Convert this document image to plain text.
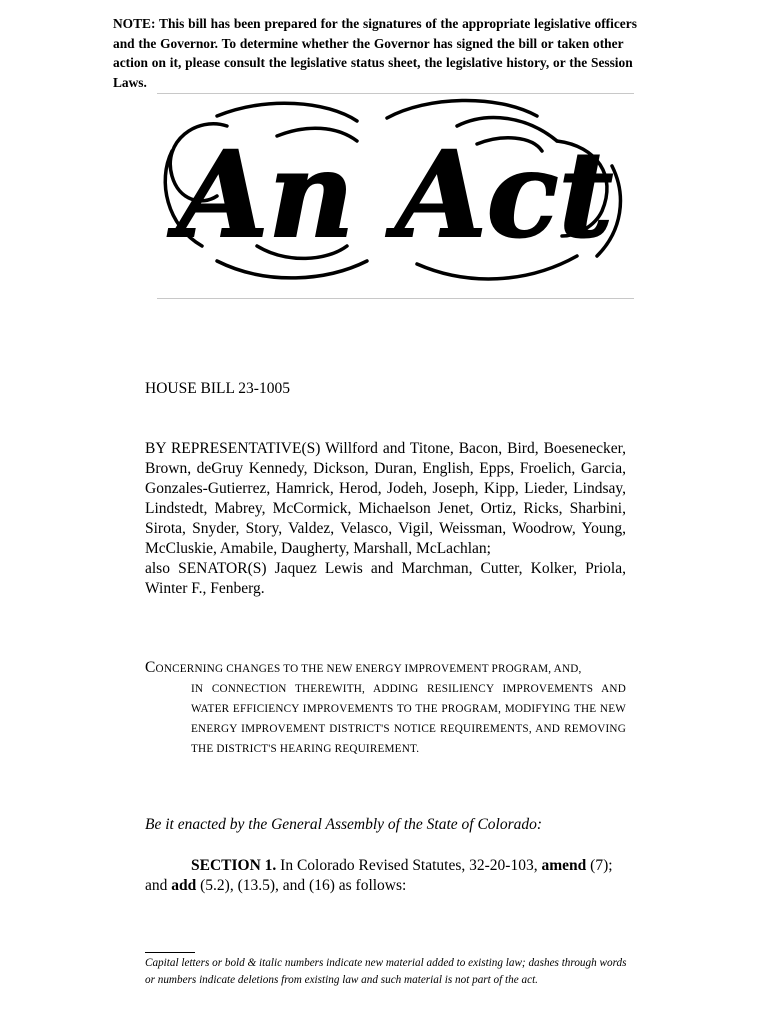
NOTE: This bill has been prepared for the signatures of the appropriate legislative officers and the Governor. To determine whether the Governor has signed the bill or taken other action on it, please consult the legislative status sheet, the legislative history, or the Session Laws.
An Act
HOUSE BILL 23-1005

BY REPRESENTATIVE(S) Willford and Titone, Bacon, Bird, Boesenecker, Brown, deGruy Kennedy, Dickson, Duran, English, Epps, Froelich, Garcia, Gonzales-Gutierrez, Hamrick, Herod, Jodeh, Joseph, Kipp, Lieder, Lindsay, Lindstedt, Mabrey, McCormick, Michaelson Jenet, Ortiz, Ricks, Sharbini, Sirota, Snyder, Story, Valdez, Velasco, Vigil, Weissman, Woodrow, Young, McCluskie, Amabile, Daugherty, Marshall, McLachlan;

also SENATOR(S) Jaquez Lewis and Marchman, Cutter, Kolker, Priola, Winter F., Fenberg.

CONCERNING CHANGES TO THE NEW ENERGY IMPROVEMENT PROGRAM, AND,
IN CONNECTION THEREWITH, ADDING RESILIENCY IMPROVEMENTS AND WATER EFFICIENCY IMPROVEMENTS TO THE PROGRAM, MODIFYING THE NEW ENERGY IMPROVEMENT DISTRICT'S NOTICE REQUIREMENTS, AND REMOVING THE DISTRICT'S HEARING REQUIREMENT.
Be it enacted by the General Assembly of the State of Colorado:
SECTION 1. In Colorado Revised Statutes, 32-20-103, amend (7); and add (5.2), (13.5), and (16) as follows:
Capital letters or bold & italic numbers indicate new material added to existing law; dashes through words or numbers indicate deletions from existing law and such material is not part of the act.
